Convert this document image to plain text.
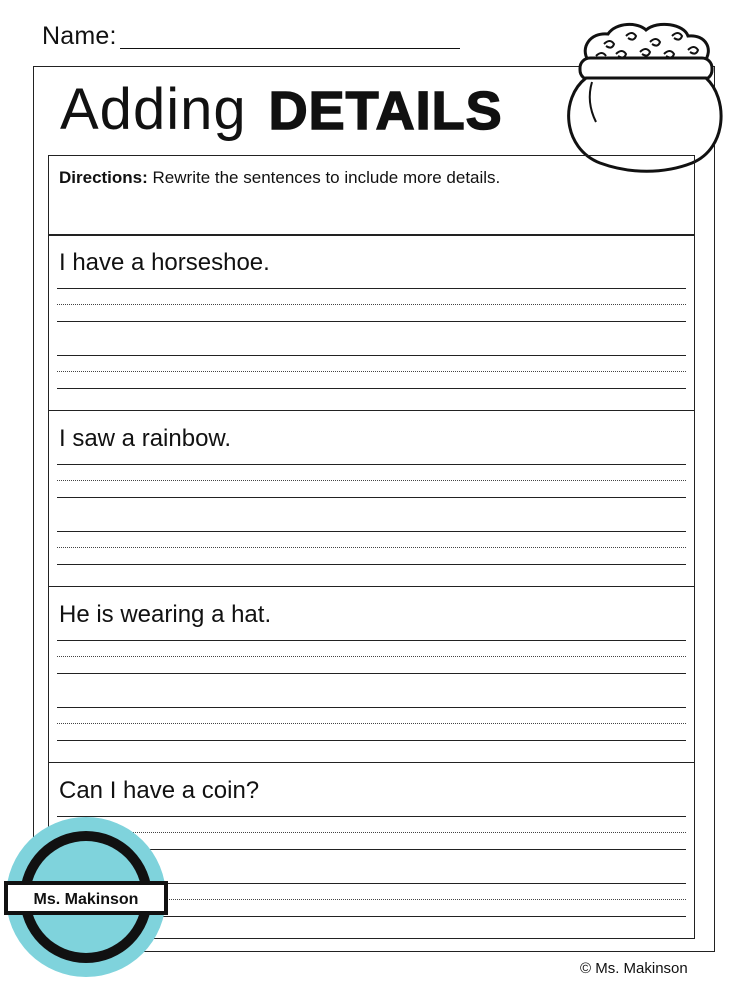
Name:
Adding DETAILS
Directions: Rewrite the sentences to include more details.
I have a horseshoe.
I saw a rainbow.
He is wearing a hat.
Can I have a coin?
Ms. Makinson
© Ms. Makinson
